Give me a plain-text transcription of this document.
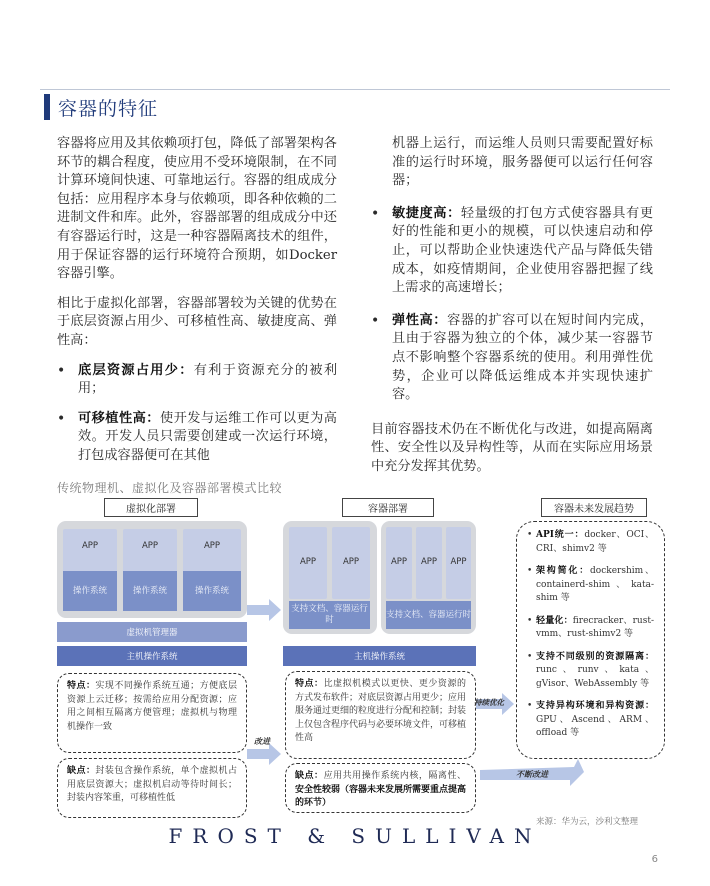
容器的特征

容器将应用及其依赖项打包，降低了部署架构各环节的耦合程度，使应用不受环境限制，在不同计算环境间快速、可靠地运行。容器的组成成分包括：应用程序本身与依赖项，即各种依赖的二进制文件和库。此外，容器部署的组成成分中还有容器运行时，这是一种容器隔离技术的组件，用于保证容器的运行环境符合预期，如Docker容器引擎。

相比于虚拟化部署，容器部署较为关键的优势在于底层资源占用少、可移植性高、敏捷度高、弹性高：

• 底层资源占用少：有利于资源充分的被利用；
• 可移植性高：使开发与运维工作可以更为高效。开发人员只需要创建或一次运行环境，打包成容器便可在其他
机器上运行，而运维人员则只需要配置好标准的运行时环境，服务器便可以运行任何容器；
• 敏捷度高：轻量级的打包方式使容器具有更好的性能和更小的规模，可以快速启动和停止，可以帮助企业快速迭代产品与降低失错成本，如疫情期间，企业使用容器把握了线上需求的高速增长；
• 弹性高：容器的扩容可以在短时间内完成，且由于容器为独立的个体，减少某一容器节点不影响整个容器系统的使用。利用弹性优势，企业可以降低运维成本并实现快速扩容。

目前容器技术仍在不断优化与改进，如提高隔离性、安全性以及异构性等，从而在实际应用场景中充分发挥其优势。

传统物理机、虚拟化及容器部署模式比较
虚拟化部署
APP
操作系统
APP
操作系统
APP
操作系统
虚拟机管理器
主机操作系统
特点：实现不同操作系统互通；方便底层资源上云迁移；按需给应用分配资源；应用之间相互隔离方便管理；虚拟机与物理机操作一致
缺点：封装包含操作系统，单个虚拟机占用底层资源大；虚拟机启动等待时间长；封装内容笨重，可移植性低
改进
容器部署
APP	APP
支持文档、容器运行时
APP	APP	APP
支持文档、容器运行时
主机操作系统
特点：比虚拟机模式以更快、更少资源的方式发布软件；对底层资源占用更少；应用服务通过更细的粒度进行分配和控制；封装上仅包含程序代码与必要环境文件，可移植性高
缺点：应用共用操作系统内核，隔离性、安全性较弱（容器未来发展所需要重点提高的环节）
持续优化
不断改进
容器未来发展趋势
• API统一：docker、OCI、CRI、shimv2 等
• 架构简化：dockershim、containerd-shim、kata-shim 等
• 轻量化：firecracker、rust-vmm、rust-shimv2 等
• 支持不同级别的资源隔离：runc、runv、kata、gVisor、WebAssembly 等
• 支持异构环境和异构资源：GPU、Ascend、ARM、offload 等
来源：华为云，沙利文整理
FROST & SULLIVAN
6
